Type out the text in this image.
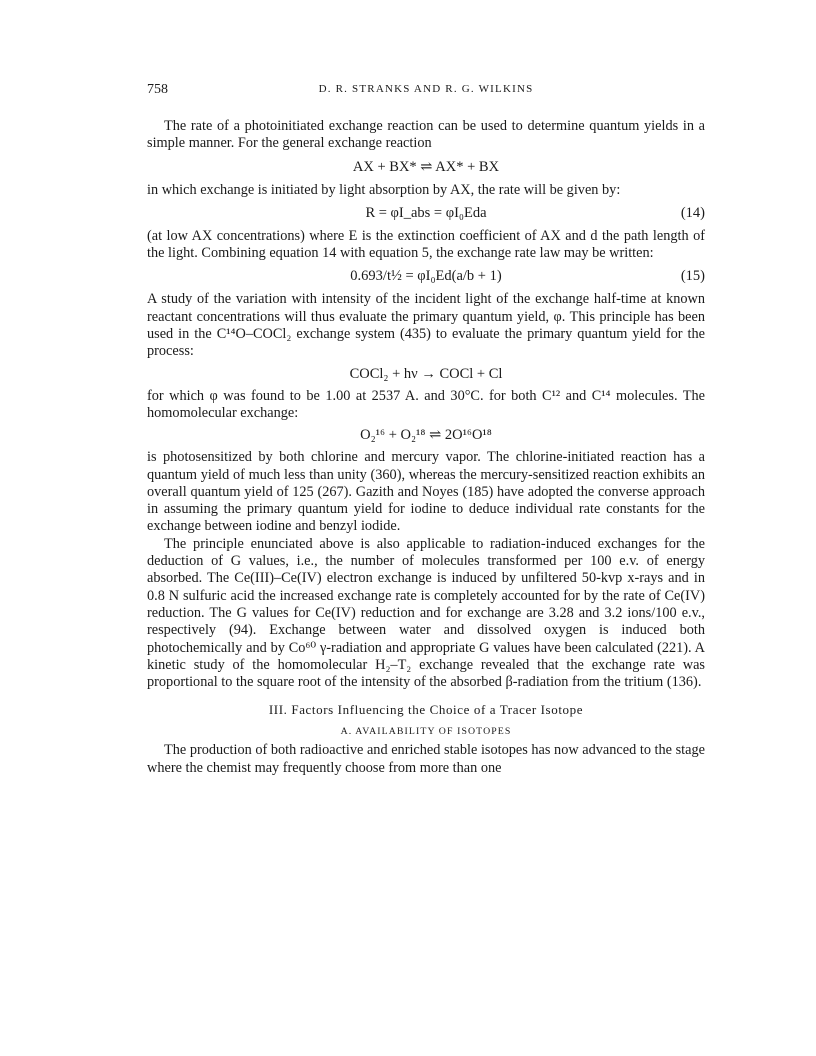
758	D. R. STRANKS AND R. G. WILKINS

The rate of a photoinitiated exchange reaction can be used to determine quantum yields in a simple manner. For the general exchange reaction

AX + BX* ⇌ AX* + BX

in which exchange is initiated by light absorption by AX, the rate will be given by:

R = φI_abs = φI₀Eda	(14)

(at low AX concentrations) where E is the extinction coefficient of AX and d the path length of the light. Combining equation 14 with equation 5, the exchange rate law may be written:

0.693/t½ = φI₀Ed(a/b + 1)	(15)

A study of the variation with intensity of the incident light of the exchange half-time at known reactant concentrations will thus evaluate the primary quantum yield, φ. This principle has been used in the C¹⁴O–COCl₂ exchange system (435) to evaluate the primary quantum yield for the process:

COCl₂ + hν → COCl + Cl

for which φ was found to be 1.00 at 2537 A. and 30°C. for both C¹² and C¹⁴ molecules. The homomolecular exchange:

O₂¹⁶ + O₂¹⁸ ⇌ 2O¹⁶O¹⁸

is photosensitized by both chlorine and mercury vapor. The chlorine-initiated reaction has a quantum yield of much less than unity (360), whereas the mercury-sensitized reaction exhibits an overall quantum yield of 125 (267). Gazith and Noyes (185) have adopted the converse approach in assuming the primary quantum yield for iodine to deduce individual rate constants for the exchange between iodine and benzyl iodide.

The principle enunciated above is also applicable to radiation-induced exchanges for the deduction of G values, i.e., the number of molecules transformed per 100 e.v. of energy absorbed. The Ce(III)–Ce(IV) electron exchange is induced by unfiltered 50-kvp x-rays and in 0.8 N sulfuric acid the increased exchange rate is completely accounted for by the rate of Ce(IV) reduction. The G values for Ce(IV) reduction and for exchange are 3.28 and 3.2 ions/100 e.v., respectively (94). Exchange between water and dissolved oxygen is induced both photochemically and by Co⁶⁰ γ-radiation and appropriate G values have been calculated (221). A kinetic study of the homomolecular H₂–T₂ exchange revealed that the exchange rate was proportional to the square root of the intensity of the absorbed β-radiation from the tritium (136).

III. Factors Influencing the Choice of a Tracer Isotope
A. AVAILABILITY OF ISOTOPES

The production of both radioactive and enriched stable isotopes has now advanced to the stage where the chemist may frequently choose from more than one
